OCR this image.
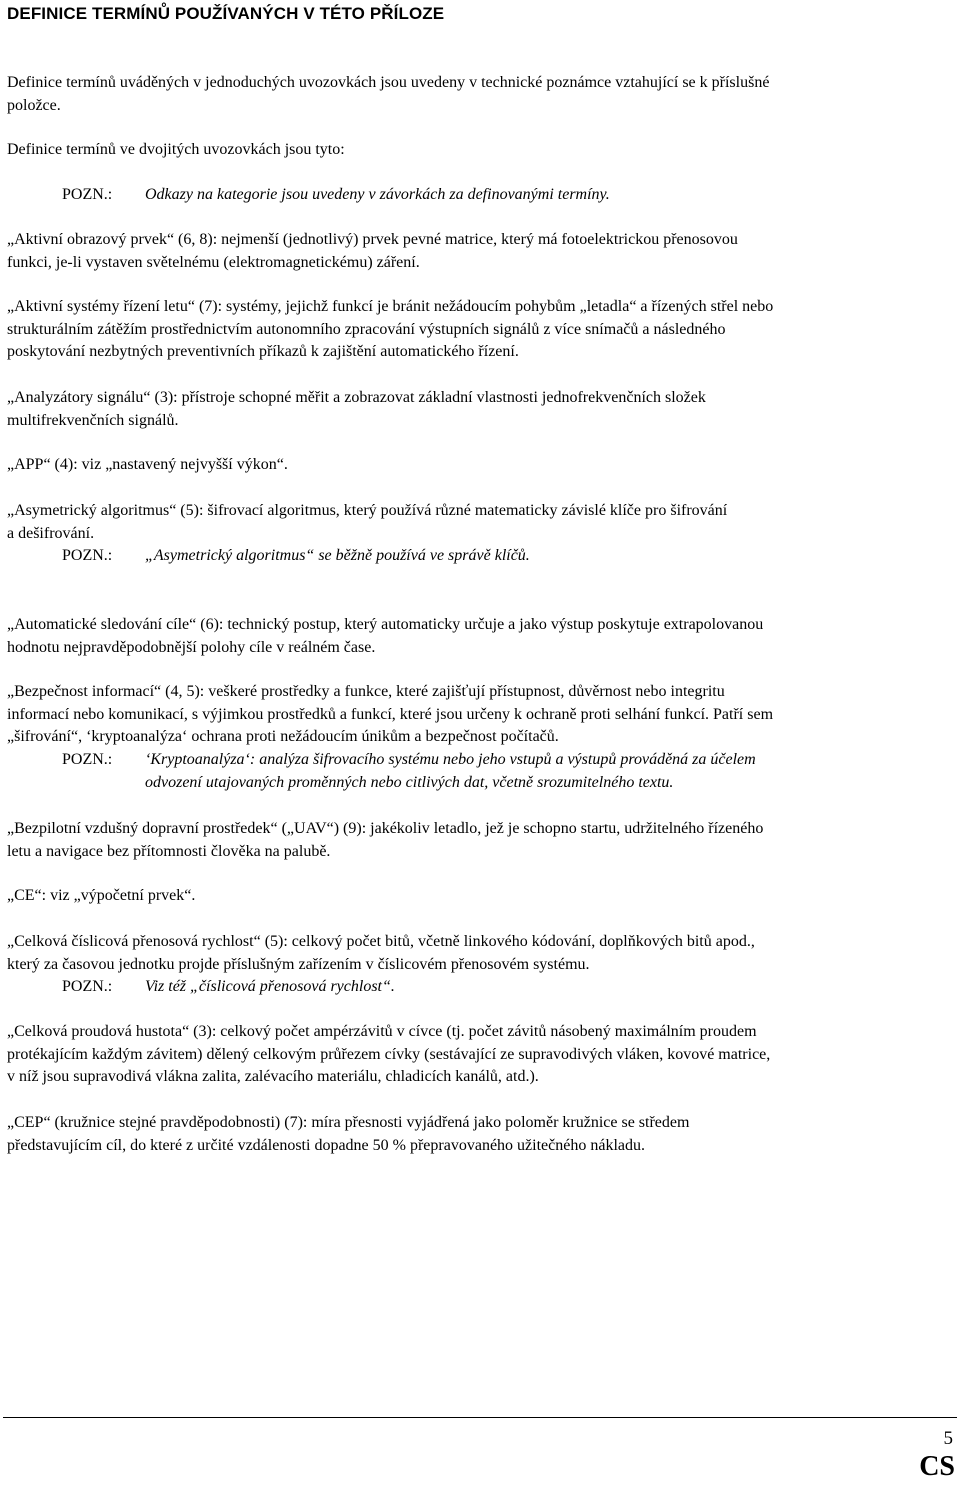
DEFINICE TERMÍNŮ POUŽÍVANÝCH V TÉTO PŘÍLOZE

Definice termínů uváděných v jednoduchých uvozovkách jsou uvedeny v technické poznámce vztahující se k příslušné
položce.

Definice termínů ve dvojitých uvozovkách jsou tyto:

POZN.: Odkazy na kategorie jsou uvedeny v závorkách za definovanými termíny.

„Aktivní obrazový prvek“ (6, 8): nejmenší (jednotlivý) prvek pevné matrice, který má fotoelektrickou přenosovou
funkci, je-li vystaven světelnému (elektromagnetickému) záření.

„Aktivní systémy řízení letu“ (7): systémy, jejichž funkcí je bránit nežádoucím pohybům „letadla“ a řízených střel nebo
strukturálním zátěžím prostřednictvím autonomního zpracování výstupních signálů z více snímačů a následného
poskytování nezbytných preventivních příkazů k zajištění automatického řízení.

„Analyzátory signálu“ (3): přístroje schopné měřit a zobrazovat základní vlastnosti jednofrekvenčních složek
multifrekvenčních signálů.

„APP“ (4): viz „nastavený nejvyšší výkon“.

„Asymetrický algoritmus“ (5): šifrovací algoritmus, který používá různé matematicky závislé klíče pro šifrování
a dešifrování.

POZN.: „Asymetrický algoritmus“ se běžně používá ve správě klíčů.

„Automatické sledování cíle“ (6): technický postup, který automaticky určuje a jako výstup poskytuje extrapolovanou
hodnotu nejpravděpodobnější polohy cíle v reálném čase.

„Bezpečnost informací“ (4, 5): veškeré prostředky a funkce, které zajišťují přístupnost, důvěrnost nebo integritu
informací nebo komunikací, s výjimkou prostředků a funkcí, které jsou určeny k ochraně proti selhání funkcí. Patří sem
„šifrování“, ‘kryptoanalýza‘ ochrana proti nežádoucím únikům a bezpečnost počítačů.

POZN.: ‘Kryptoanalýza‘: analýza šifrovacího systému nebo jeho vstupů a výstupů prováděná za účelem
odvození utajovaných proměnných nebo citlivých dat, včetně srozumitelného textu.

„Bezpilotní vzdušný dopravní prostředek“ („UAV“) (9): jakékoliv letadlo, jež je schopno startu, udržitelného řízeného
letu a navigace bez přítomnosti člověka na palubě.

„CE“: viz „výpočetní prvek“.

„Celková číslicová přenosová rychlost“ (5): celkový počet bitů, včetně linkového kódování, doplňkových bitů apod.,
který za časovou jednotku projde příslušným zařízením v číslicovém přenosovém systému.

POZN.: Viz též „číslicová přenosová rychlost“.

„Celková proudová hustota“ (3): celkový počet ampérzávitů v cívce (tj. počet závitů násobený maximálním proudem
protékajícím každým závitem) dělený celkovým průřezem cívky (sestávající ze supravodivých vláken, kovové matrice,
v níž jsou supravodivá vlákna zalita, zalévacího materiálu, chladicích kanálů, atd.).

„CEP“ (kružnice stejné pravděpodobnosti) (7): míra přesnosti vyjádřená jako poloměr kružnice se středem
představujícím cíl, do které z určité vzdálenosti dopadne 50 % přepravovaného užitečného nákladu.

5
CS
